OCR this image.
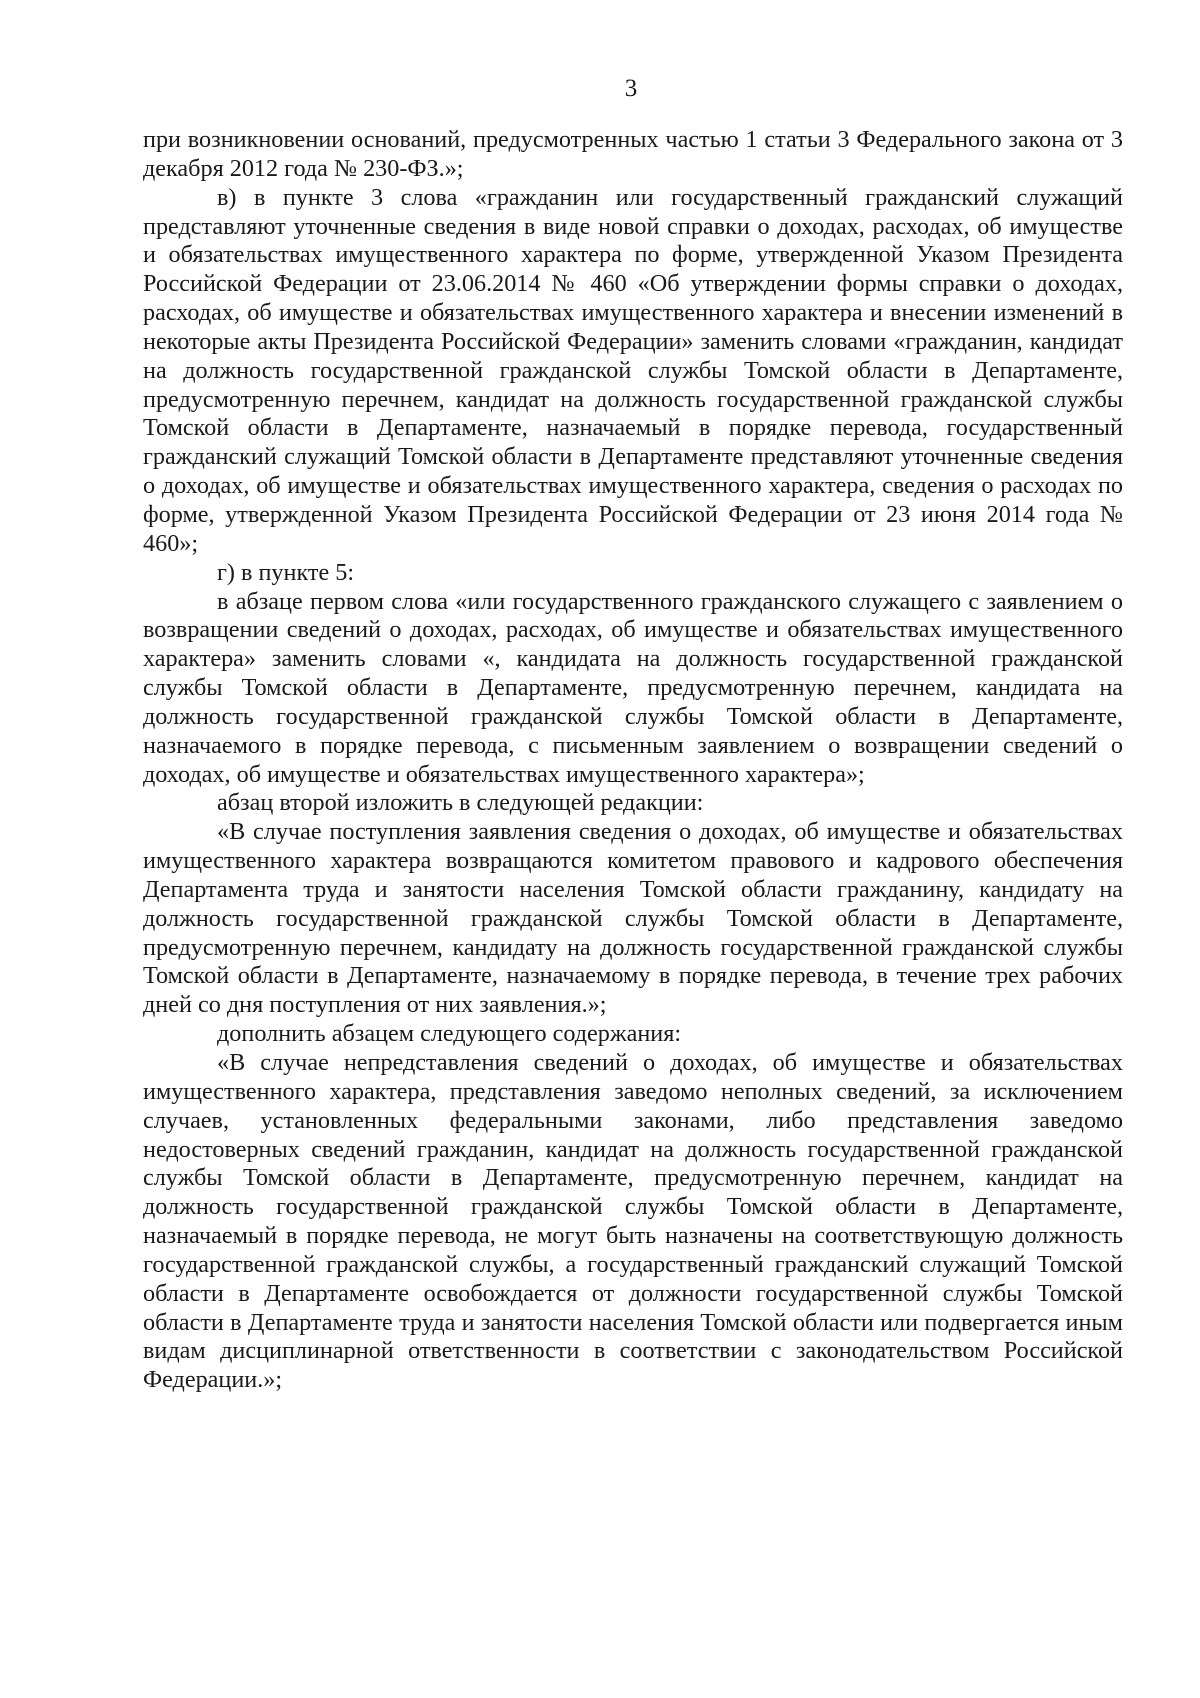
3

при возникновении оснований, предусмотренных частью 1 статьи 3 Федерального закона от 3 декабря 2012 года № 230-ФЗ.»;

в) в пункте 3 слова «гражданин или государственный гражданский служащий представляют уточненные сведения в виде новой справки о доходах, расходах, об имуществе и обязательствах имущественного характера по форме, утвержденной Указом Президента Российской Федерации от 23.06.2014 № 460 «Об утверждении формы справки о доходах, расходах, об имуществе и обязательствах имущественного характера и внесении изменений в некоторые акты Президента Российской Федерации» заменить словами «гражданин, кандидат на должность государственной гражданской службы Томской области в Департаменте, предусмотренную перечнем, кандидат на должность государственной гражданской службы Томской области в Департаменте, назначаемый в порядке перевода, государственный гражданский служащий Томской области в Департаменте представляют уточненные сведения о доходах, об имуществе и обязательствах имущественного характера, сведения о расходах по форме, утвержденной Указом Президента Российской Федерации от 23 июня 2014 года № 460»;

г) в пункте 5:

в абзаце первом слова «или государственного гражданского служащего с заявлением о возвращении сведений о доходах, расходах, об имуществе и обязательствах имущественного характера» заменить словами «, кандидата на должность государственной гражданской службы Томской области в Департаменте, предусмотренную перечнем, кандидата на должность государственной гражданской службы Томской области в Департаменте, назначаемого в порядке перевода, с письменным заявлением о возвращении сведений о доходах, об имуществе и обязательствах имущественного характера»;

абзац второй изложить в следующей редакции:

«В случае поступления заявления сведения о доходах, об имуществе и обязательствах имущественного характера возвращаются комитетом правового и кадрового обеспечения Департамента труда и занятости населения Томской области гражданину, кандидату на должность государственной гражданской службы Томской области в Департаменте, предусмотренную перечнем, кандидату на должность государственной гражданской службы Томской области в Департаменте, назначаемому в порядке перевода, в течение трех рабочих дней со дня поступления от них заявления.»;

дополнить абзацем следующего содержания:

«В случае непредставления сведений о доходах, об имуществе и обязательствах имущественного характера, представления заведомо неполных сведений, за исключением случаев, установленных федеральными законами, либо представления заведомо недостоверных сведений гражданин, кандидат на должность государственной гражданской службы Томской области в Департаменте, предусмотренную перечнем, кандидат на должность государственной гражданской службы Томской области в Департаменте, назначаемый в порядке перевода, не могут быть назначены на соответствующую должность государственной гражданской службы, а государственный гражданский служащий Томской области в Департаменте освобождается от должности государственной службы Томской области в Департаменте труда и занятости населения Томской области или подвергается иным видам дисциплинарной ответственности в соответствии с законодательством Российской Федерации.»;
